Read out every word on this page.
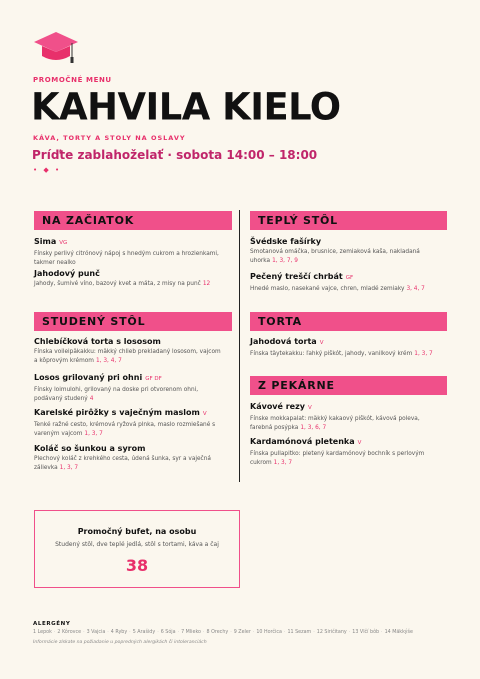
PROMOČNÉ MENU
KAHVILA KIELO
KÁVA, TORTY A STOLY NA OSLAVY
Príďte zablahoželať · sobota 14:00 – 18:00
• ◆ •
NA ZAČIATOK
Sima VG
Fínsky perlivý citrónový nápoj s hnedým cukrom a hrozienkami, takmer nealko
Jahodový punč
Jahody, šumivé víno, bazový kvet a máta, z misy na punč 12
TEPLÝ STÔL
Švédske fašírky
Smotanová omáčka, brusnice, zemiaková kaša, nakladaná uhorka 1, 3, 7, 9
Pečený treščí chrbát GF
Hnedé maslo, nasekané vajce, chren, mladé zemiaky 3, 4, 7
STUDENÝ STÔL
Chlebíčková torta s lososom
Fínska voileipäkakku: mäkký chlieb prekladaný lososom, vajcom a kôprovým krémom 1, 3, 4, 7
Losos grilovaný pri ohni GF DF
Fínsky loimulohi, grilovaný na doske pri otvorenom ohni, podávaný studený 4
Karelské pirôžky s vaječným maslom V
Tenké ražné cesto, krémová ryžová plnka, maslo rozmiešané s vareným vajcom 1, 3, 7
Koláč so šunkou a syrom
Plechový koláč z krehkého cesta, údená šunka, syr a vaječná zálievka 1, 3, 7
TORTA
Jahodová torta V
Fínska täytekakku: ľahký piškót, jahody, vanilkový krém 1, 3, 7
Z PEKÁRNE
Kávové rezy V
Fínske mokkapalat: mäkký kakaový piškót, kávová poleva, farebná posýpka 1, 3, 6, 7
Kardamónová pletenka V
Fínska pullapitko: pletený kardamónový bochník s perlovým cukrom 1, 3, 7
Promočný bufet, na osobu
Studený stôl, dve teplé jedlá, stôl s tortami, káva a čaj
38
ALERGÉNY
1 Lepok · 2 Kôrovce · 3 Vajcia · 4 Ryby · 5 Arašidy · 6 Sója · 7 Mlieko · 8 Orechy · 9 Zeler · 10 Horčica · 11 Sezam · 12 Siričitany · 13 Vlčí bôb · 14 Mäkkýše
Informácie získate na požiadanie u popredných alergikách či intoleranciách
